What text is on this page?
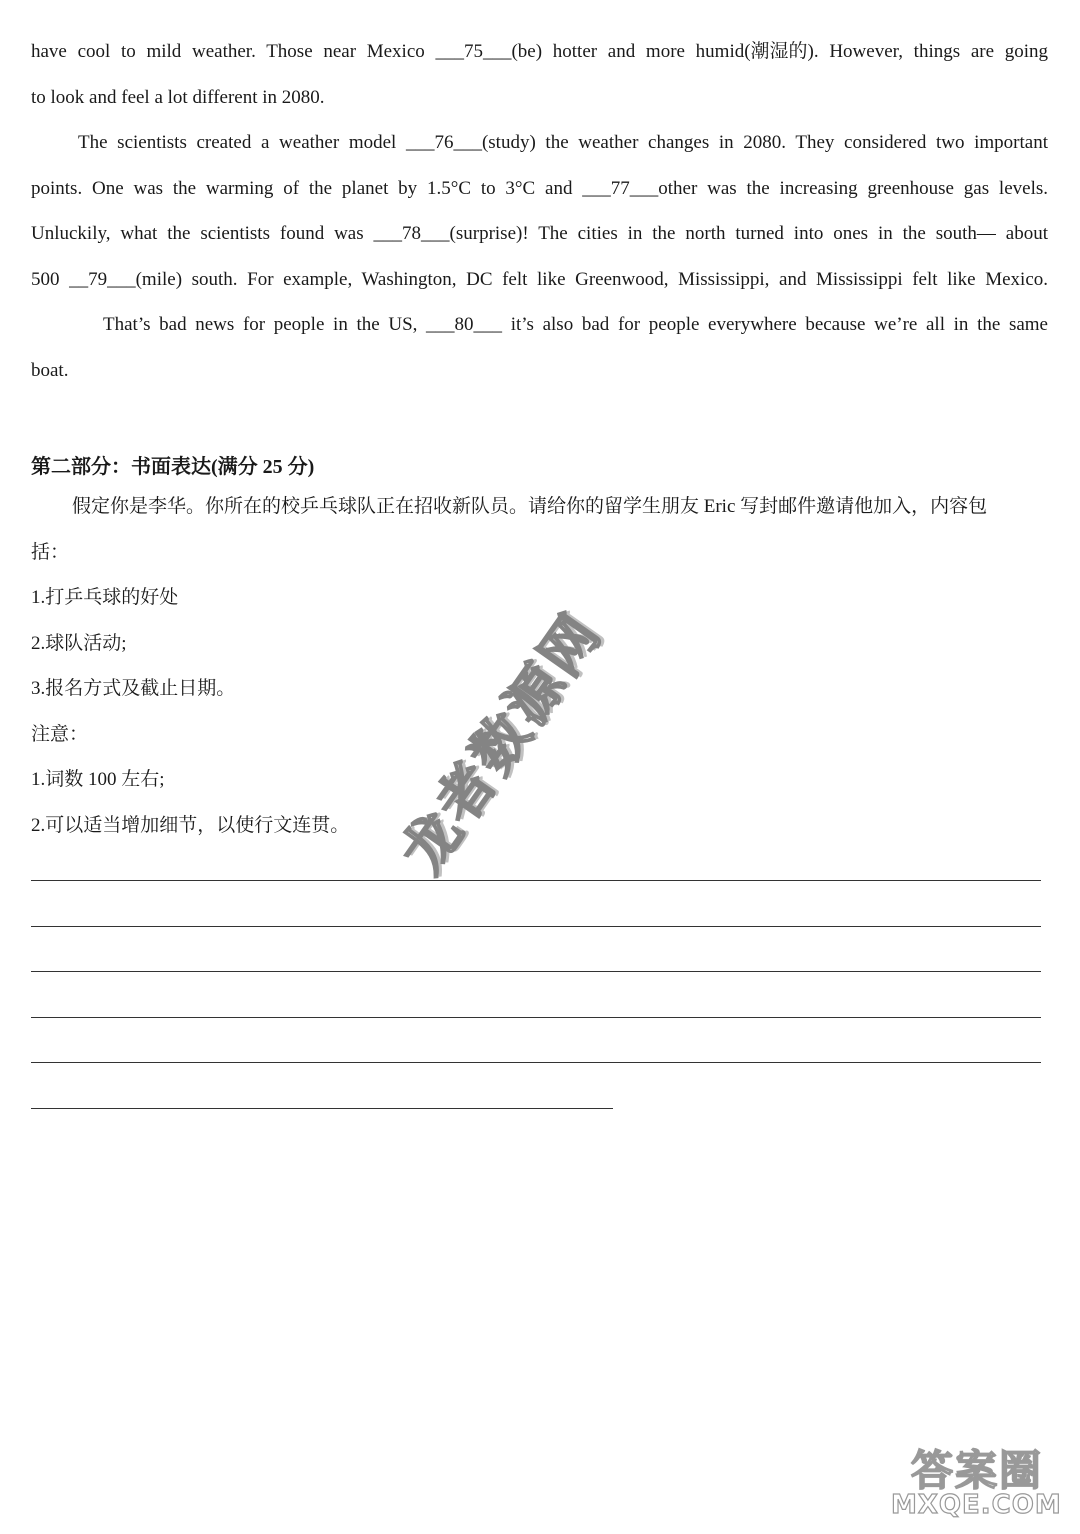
have cool to mild weather. Those near Mexico ___75___(be) hotter and more humid(潮湿的). However, things are going
to look and feel a lot different in 2080.
The scientists created a weather model ___76___(study) the weather changes in 2080. They considered two important
points. One was the warming of the planet by 1.5°C to 3°C and ___77___other was the increasing greenhouse gas levels.
Unluckily, what the scientists found was ___78___(surprise)! The cities in the north turned into ones in the south— about
500 __79___(mile) south. For example, Washington, DC felt like Greenwood, Mississippi, and Mississippi felt like Mexico.
That’s bad news for people in the US, ___80___ it’s also bad for people everywhere because we’re all in the same
boat.
第二部分：书面表达(满分 25 分)
假定你是李华。你所在的校乒乓球队正在招收新队员。请给你的留学生朋友 Eric 写封邮件邀请他加入，内容包
括：
1.打乒乓球的好处
2.球队活动;
3.报名方式及截止日期。
注意：
1.词数 100 左右;
2.可以适当增加细节，以使行文连贯。 龙者数源网
答案圈
MXQE.COM
